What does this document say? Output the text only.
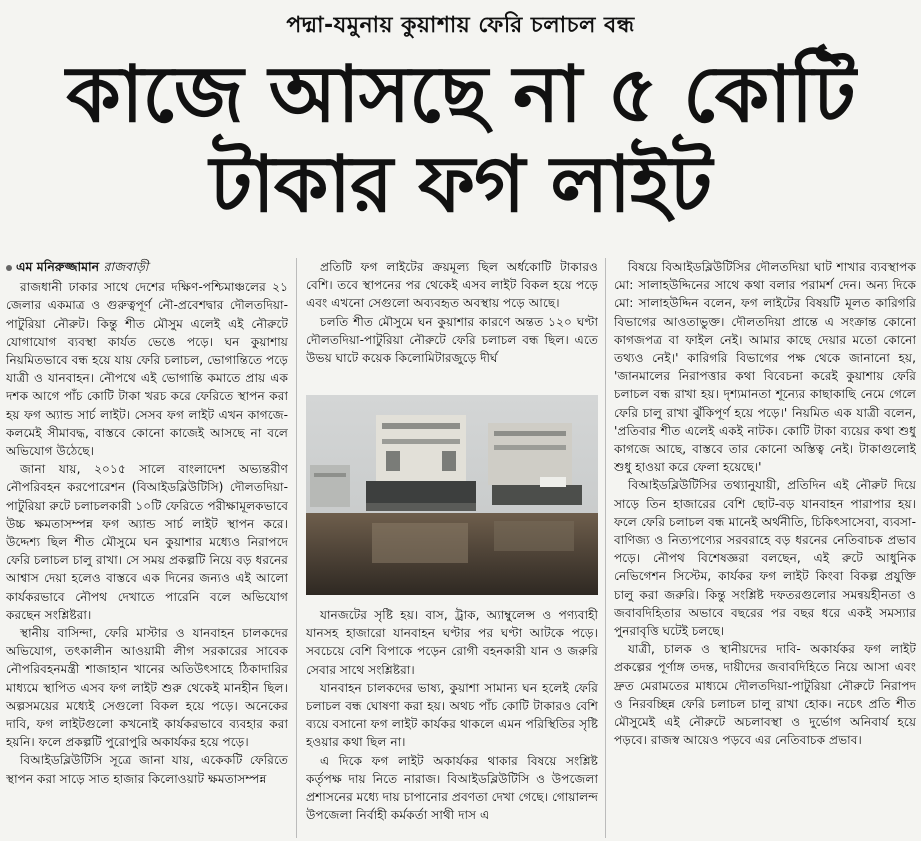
পদ্মা-যমুনায় কুয়াশায় ফেরি চলাচল বন্ধ
কাজে আসছে না ৫ কোটি
টাকার ফগ লাইট
এম মনিরুজ্জামান রাজবাড়ী

রাজধানী ঢাকার সাথে দেশের দক্ষিণ-পশ্চিমাঞ্চলের ২১ জেলার একমাত্র ও গুরুত্বপূর্ণ নৌ-প্রবেশদ্বার দৌলতদিয়া-পাটুরিয়া নৌরুট। কিন্তু শীত মৌসুম এলেই এই নৌরুটে যোগাযোগ ব্যবস্থা কার্যত ভেঙে পড়ে। ঘন কুয়াশায় নিয়মিতভাবে বন্ধ হয়ে যায় ফেরি চলাচল, ভোগান্তিতে পড়ে যাত্রী ও যানবাহন। নৌপথে এই ভোগান্তি কমাতে প্রায় এক দশক আগে পাঁচ কোটি টাকা খরচ করে ফেরিতে স্থাপন করা হয় ফগ অ্যান্ড সার্চ লাইট। সেসব ফগ লাইট এখন কাগজে-কলমেই সীমাবদ্ধ, বাস্তবে কোনো কাজেই আসছে না বলে অভিযোগ উঠেছে।

জানা যায়, ২০১৫ সালে বাংলাদেশ অভ্যন্তরীণ নৌপরিবহন করপোরেশন (বিআইডব্লিউটিসি) দৌলতদিয়া-পাটুরিয়া রুটে চলাচলকারী ১০টি ফেরিতে পরীক্ষামূলকভাবে উচ্চ ক্ষমতাসম্পন্ন ফগ অ্যান্ড সার্চ লাইট স্থাপন করে। উদ্দেশ্য ছিল শীত মৌসুমে ঘন কুয়াশার মধ্যেও নিরাপদে ফেরি চলাচল চালু রাখা। সে সময় প্রকল্পটি নিয়ে বড় ধরনের আশ্বাস দেয়া হলেও বাস্তবে এক দিনের জন্যও এই আলো কার্যকরভাবে নৌপথ দেখাতে পারেনি বলে অভিযোগ করছেন সংশ্লিষ্টরা।

স্থানীয় বাসিন্দা, ফেরি মাস্টার ও যানবাহন চালকদের অভিযোগ, তৎকালীন আওয়ামী লীগ সরকারের সাবেক নৌপরিবহনমন্ত্রী শাজাহান খানের অতিউৎসাহে ঠিকাদারির মাধ্যমে স্থাপিত এসব ফগ লাইট শুরু থেকেই মানহীন ছিল। অল্পসময়ের মধ্যেই সেগুলো বিকল হয়ে পড়ে। অনেকের দাবি, ফগ লাইটগুলো কখনোই কার্যকরভাবে ব্যবহার করা হয়নি। ফলে প্রকল্পটি পুরোপুরি অকার্যকর হয়ে পড়ে।

বিআইডব্লিউটিসি সূত্রে জানা যায়, একেকটি ফেরিতে স্থাপন করা সাড়ে সাত হাজার কিলোওয়াট ক্ষমতাসম্পন্ন

প্রতিটি ফগ লাইটের ক্রয়মূল্য ছিল অর্ধকোটি টাকারও বেশি। তবে স্থাপনের পর থেকেই এসব লাইট বিকল হয়ে পড়ে এবং এখনো সেগুলো অব্যবহৃত অবস্থায় পড়ে আছে।

চলতি শীত মৌসুমে ঘন কুয়াশার কারণে অন্তত ১২০ ঘণ্টা দৌলতদিয়া-পাটুরিয়া নৌরুটে ফেরি চলাচল বন্ধ ছিল। এতে উভয় ঘাটে কয়েক কিলোমিটারজুড়ে দীর্ঘ

যানজটের সৃষ্টি হয়। বাস, ট্রাক, অ্যাম্বুলেন্স ও পণ্যবাহী যানসহ হাজারো যানবাহন ঘণ্টার পর ঘণ্টা আটকে পড়ে। সবচেয়ে বেশি বিপাকে পড়েন রোগী বহনকারী যান ও জরুরি সেবার সাথে সংশ্লিষ্টরা।

যানবাহন চালকদের ভাষ্য, কুয়াশা সামান্য ঘন হলেই ফেরি চলাচল বন্ধ ঘোষণা করা হয়। অথচ পাঁচ কোটি টাকারও বেশি ব্যয়ে বসানো ফগ লাইট কার্যকর থাকলে এমন পরিস্থিতির সৃষ্টি হওয়ার কথা ছিল না।

এ দিকে ফগ লাইট অকার্যকর থাকার বিষয়ে সংশ্লিষ্ট কর্তৃপক্ষ দায় নিতে নারাজ। বিআইডব্লিউটিসি ও উপজেলা প্রশাসনের মধ্যে দায় চাপানোর প্রবণতা দেখা গেছে। গোয়ালন্দ উপজেলা নির্বাহী কর্মকর্তা সাথী দাস এ

বিষয়ে বিআইডব্লিউটিসির দৌলতদিয়া ঘাট শাখার ব্যবস্থাপক মো: সালাহউদ্দিনের সাথে কথা বলার পরামর্শ দেন। অন্য দিকে মো: সালাহউদ্দিন বলেন, ফগ লাইটের বিষয়টি মূলত কারিগরি বিভাগের আওতাভুক্ত। দৌলতদিয়া প্রান্তে এ সংক্রান্ত কোনো কাগজপত্র বা ফাইল নেই। আমার কাছে দেয়ার মতো কোনো তথ্যও নেই।' কারিগরি বিভাগের পক্ষ থেকে জানানো হয়, 'জানমালের নিরাপত্তার কথা বিবেচনা করেই কুয়াশায় ফেরি চলাচল বন্ধ রাখা হয়। দৃশ্যমানতা শূন্যের কাছাকাছি নেমে গেলে ফেরি চালু রাখা ঝুঁকিপূর্ণ হয়ে পড়ে।' নিয়মিত এক যাত্রী বলেন, 'প্রতিবার শীত এলেই একই নাটক। কোটি টাকা ব্যয়ের কথা শুধু কাগজে আছে, বাস্তবে তার কোনো অস্তিত্ব নেই। টাকাগুলোই শুধু হাওয়া করে ফেলা হয়েছে।'

বিআইডব্লিউটিসির তথ্যানুযায়ী, প্রতিদিন এই নৌরুট দিয়ে সাড়ে তিন হাজারের বেশি ছোট-বড় যানবাহন পারাপার হয়। ফলে ফেরি চলাচল বন্ধ মানেই অর্থনীতি, চিকিৎসাসেবা, ব্যবসা-বাণিজ্য ও নিত্যপণ্যের সরবরাহে বড় ধরনের নেতিবাচক প্রভাব পড়ে। নৌপথ বিশেষজ্ঞরা বলছেন, এই রুটে আধুনিক নেভিগেশন সিস্টেম, কার্যকর ফগ লাইট কিংবা বিকল্প প্রযুক্তি চালু করা জরুরি। কিন্তু সংশ্লিষ্ট দফতরগুলোর সমন্বয়হীনতা ও জবাবদিহিতার অভাবে বছরের পর বছর ধরে একই সমস্যার পুনরাবৃত্তি ঘটেই চলছে।

যাত্রী, চালক ও স্থানীয়দের দাবি- অকার্যকর ফগ লাইট প্রকল্পের পূর্ণাঙ্গ তদন্ত, দায়ীদের জবাবদিহিতে নিয়ে আসা এবং দ্রুত মেরামতের মাধ্যমে দৌলতদিয়া-পাটুরিয়া নৌরুটে নিরাপদ ও নিরবচ্ছিন্ন ফেরি চলাচল চালু রাখা হোক। নচেৎ প্রতি শীত মৌসুমেই এই নৌরুটে অচলাবস্থা ও দুর্ভোগ অনিবার্য হয়ে পড়বে। রাজস্ব আয়েও পড়বে এর নেতিবাচক প্রভাব।
